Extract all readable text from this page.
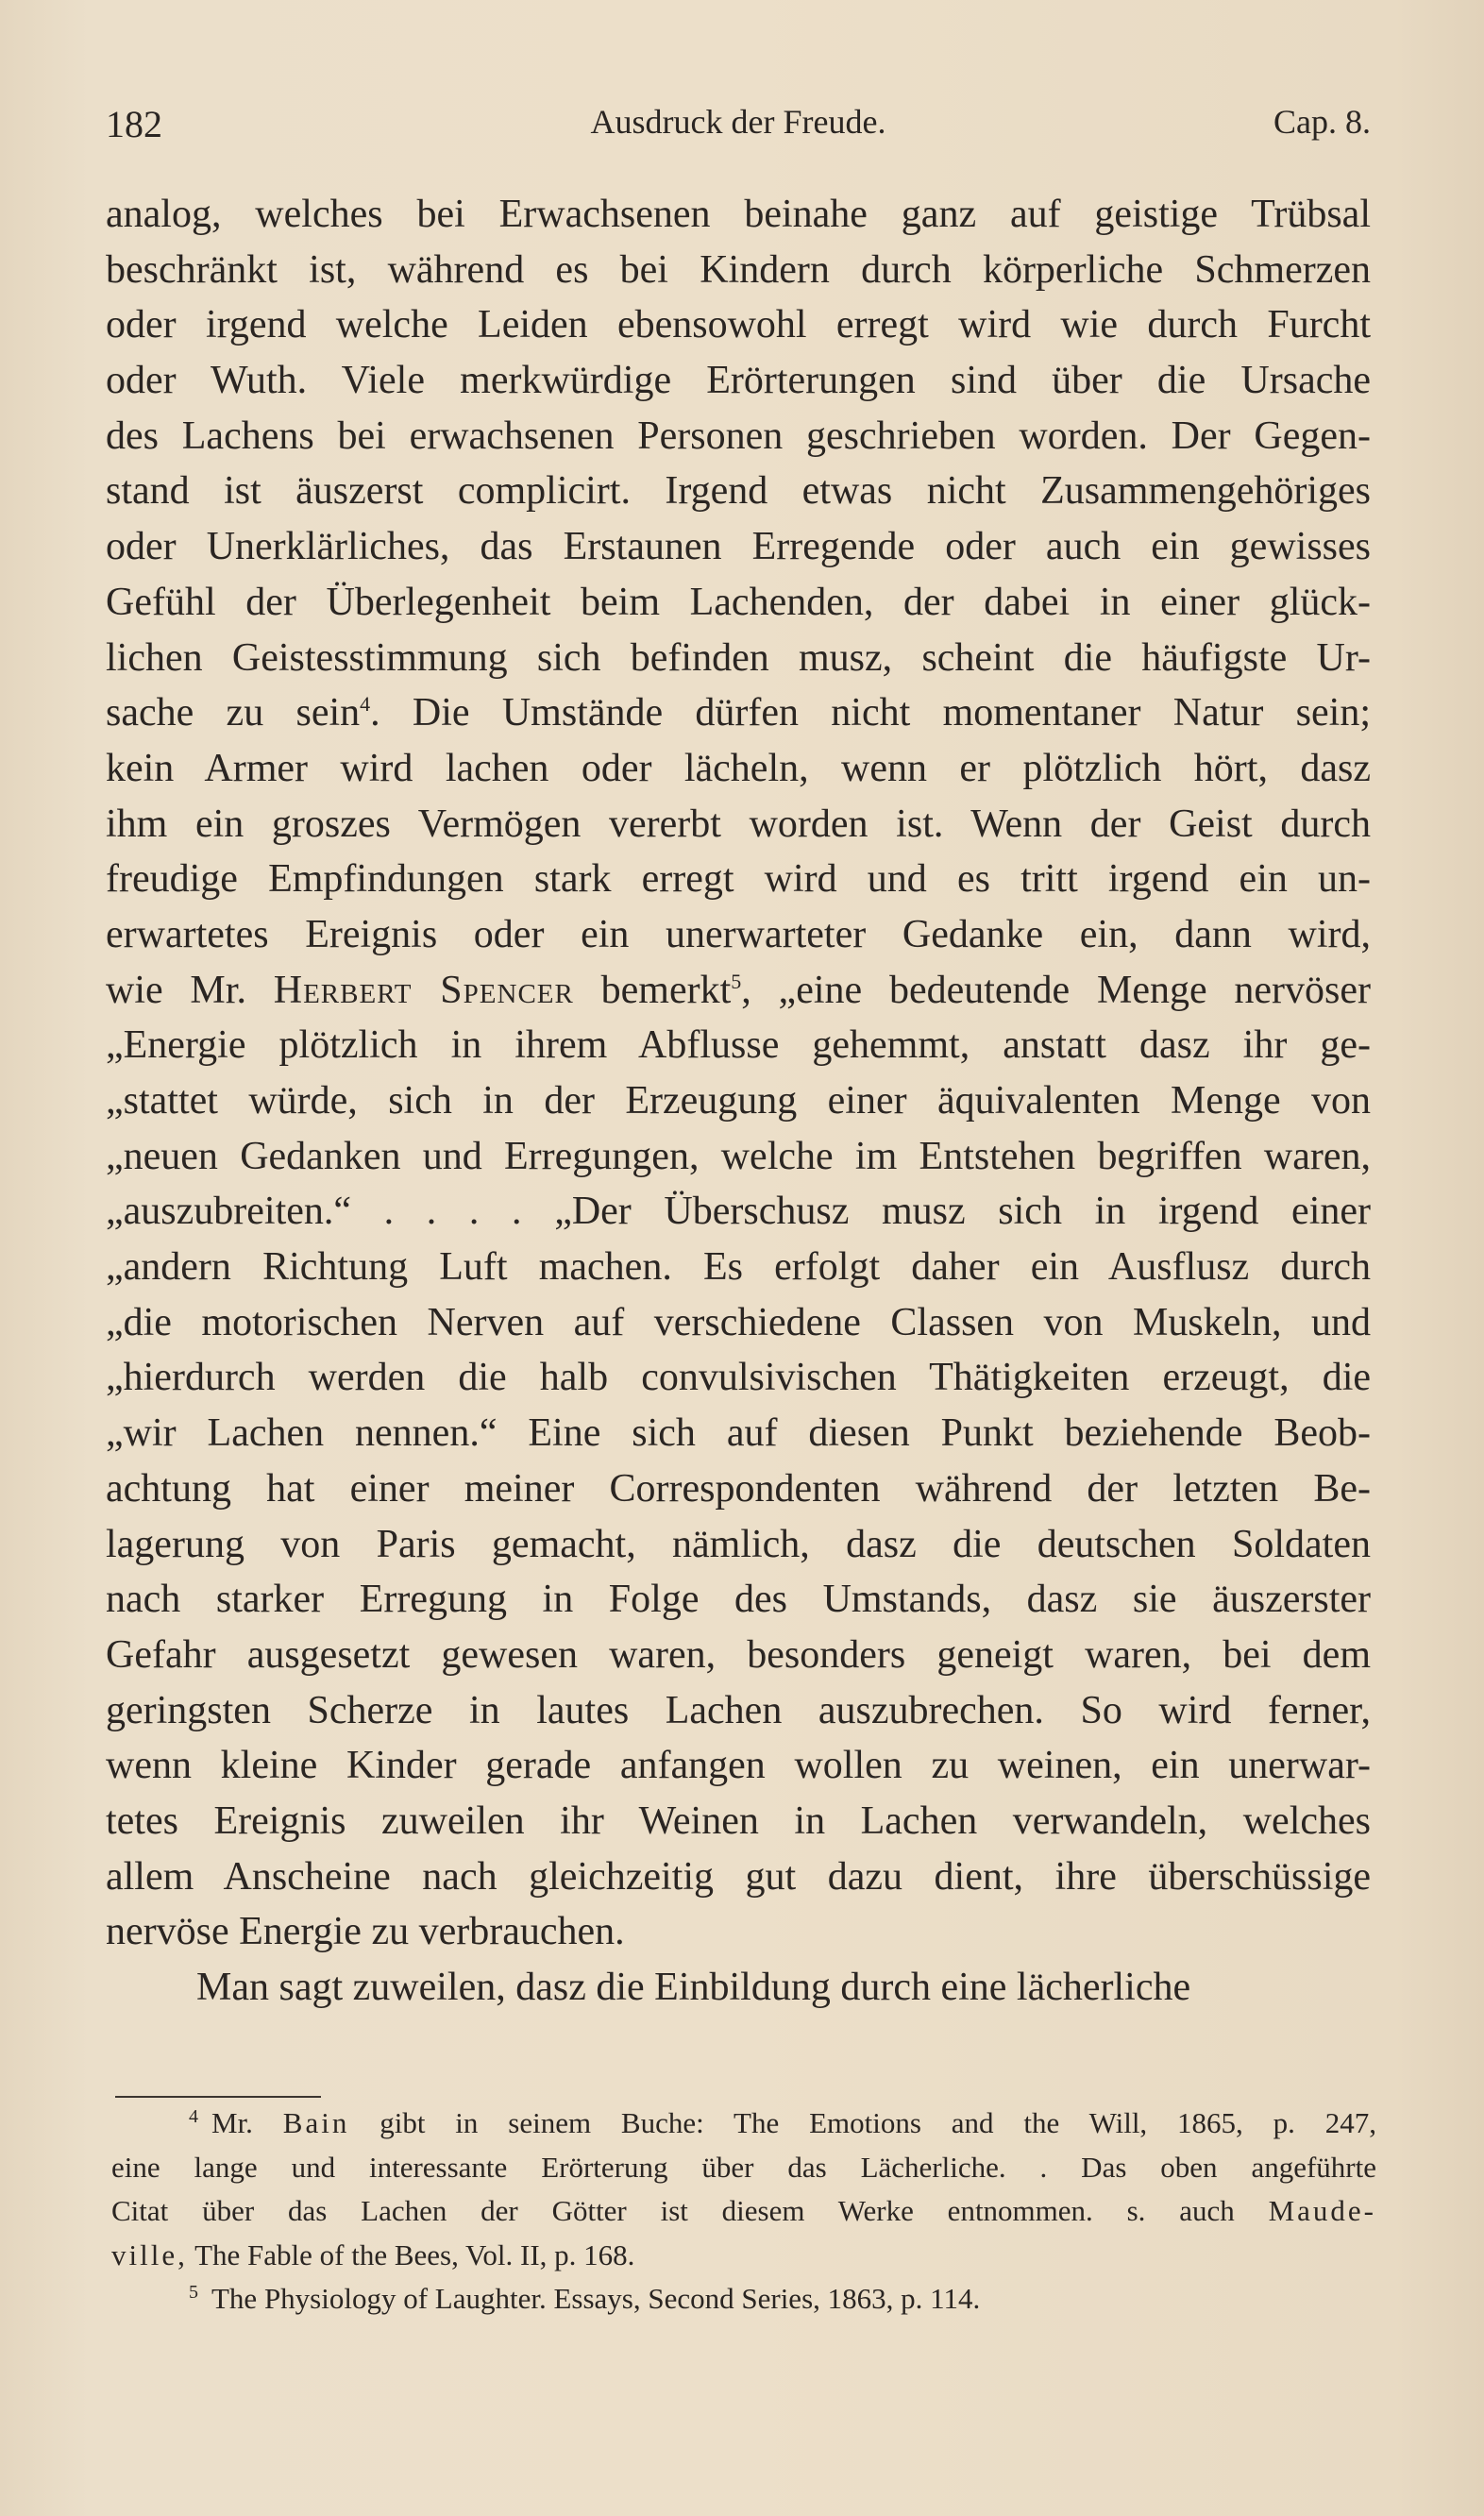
182	Ausdruck der Freude.	Cap. 8.
analog, welches bei Erwachsenen beinahe ganz auf geistige Trübsal
beschränkt ist, während es bei Kindern durch körperliche Schmerzen
oder irgend welche Leiden ebensowohl erregt wird wie durch Furcht
oder Wuth. Viele merkwürdige Erörterungen sind über die Ursache
des Lachens bei erwachsenen Personen geschrieben worden. Der Gegen-
stand ist äuszerst complicirt. Irgend etwas nicht Zusammengehöriges
oder Unerklärliches, das Erstaunen Erregende oder auch ein gewisses
Gefühl der Überlegenheit beim Lachenden, der dabei in einer glück-
lichen Geistesstimmung sich befinden musz, scheint die häufigste Ur-
sache zu sein$^4$. Die Umstände dürfen nicht momentaner Natur sein;
kein Armer wird lachen oder lächeln, wenn er plötzlich hört, dasz
ihm ein groszes Vermögen vererbt worden ist. Wenn der Geist durch
freudige Empfindungen stark erregt wird und es tritt irgend ein un-
erwartetes Ereignis oder ein unerwarteter Gedanke ein, dann wird,
wie Mr. Herbert Spencer bemerkt$^5$, „eine bedeutende Menge nervöser
„Energie plötzlich in ihrem Abflusse gehemmt, anstatt dasz ihr ge-
„stattet würde, sich in der Erzeugung einer äquivalenten Menge von
„neuen Gedanken und Erregungen, welche im Entstehen begriffen waren,
„auszubreiten.“ . . . . „Der Überschusz musz sich in irgend einer
„andern Richtung Luft machen. Es erfolgt daher ein Ausflusz durch
„die motorischen Nerven auf verschiedene Classen von Muskeln, und
„hierdurch werden die halb convulsivischen Thätigkeiten erzeugt, die
„wir Lachen nennen.“ Eine sich auf diesen Punkt beziehende Beob-
achtung hat einer meiner Correspondenten während der letzten Be-
lagerung von Paris gemacht, nämlich, dasz die deutschen Soldaten
nach starker Erregung in Folge des Umstands, dasz sie äuszerster
Gefahr ausgesetzt gewesen waren, besonders geneigt waren, bei dem
geringsten Scherze in lautes Lachen auszubrechen. So wird ferner,
wenn kleine Kinder gerade anfangen wollen zu weinen, ein unerwar-
tetes Ereignis zuweilen ihr Weinen in Lachen verwandeln, welches
allem Anscheine nach gleichzeitig gut dazu dient, ihre überschüssige
nervöse Energie zu verbrauchen.
Man sagt zuweilen, dasz die Einbildung durch eine lächerliche
$^4$ Mr. Bain gibt in seinem Buche: The Emotions and the Will, 1865, p. 247,
eine lange und interessante Erörterung über das Lächerliche. . Das oben angeführte
Citat über das Lachen der Götter ist diesem Werke entnommen. s. auch Maude-
ville, The Fable of the Bees, Vol. II, p. 168.
$^5$ The Physiology of Laughter. Essays, Second Series, 1863, p. 114.
